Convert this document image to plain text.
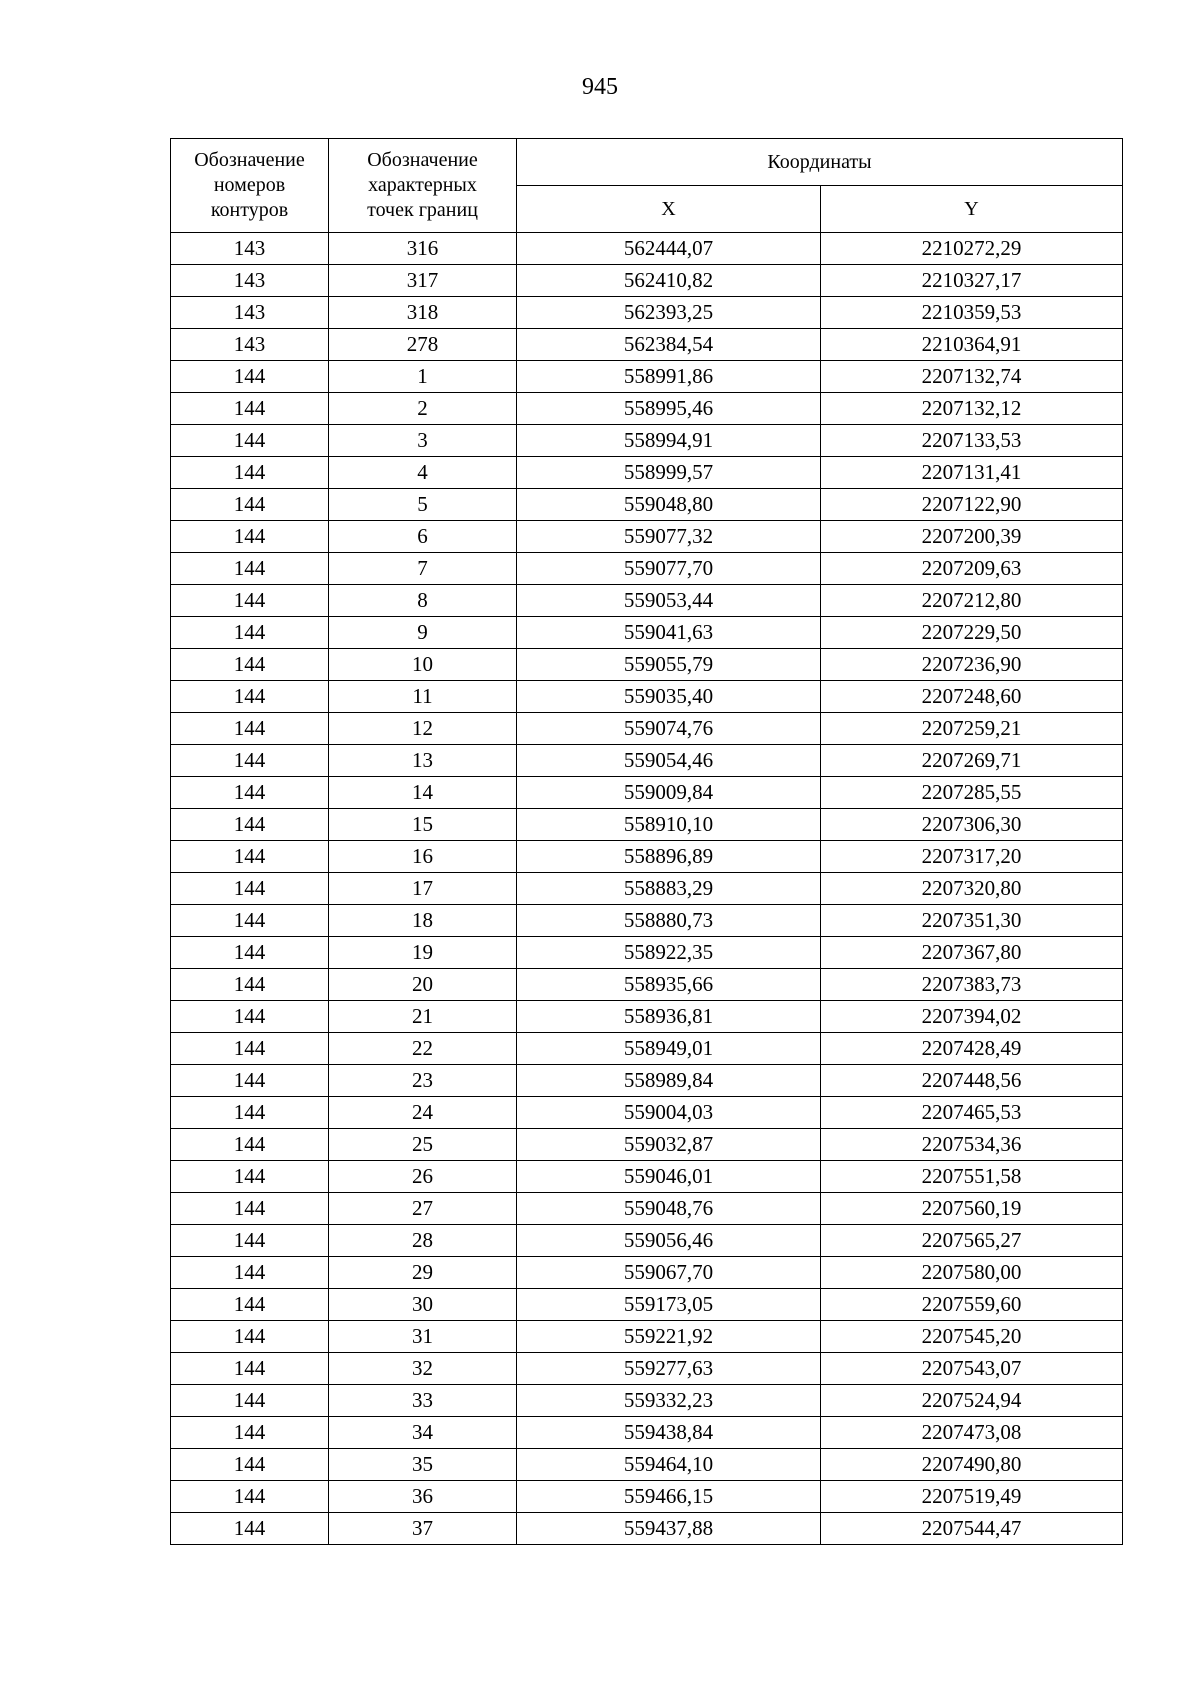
945
Обозначение
номеров
контуров	Обозначение
характерных
точек границ	Координаты	
		X	Y
143	316	562444,07	2210272,29
143	317	562410,82	2210327,17
143	318	562393,25	2210359,53
143	278	562384,54	2210364,91
144	1	558991,86	2207132,74
144	2	558995,46	2207132,12
144	3	558994,91	2207133,53
144	4	558999,57	2207131,41
144	5	559048,80	2207122,90
144	6	559077,32	2207200,39
144	7	559077,70	2207209,63
144	8	559053,44	2207212,80
144	9	559041,63	2207229,50
144	10	559055,79	2207236,90
144	11	559035,40	2207248,60
144	12	559074,76	2207259,21
144	13	559054,46	2207269,71
144	14	559009,84	2207285,55
144	15	558910,10	2207306,30
144	16	558896,89	2207317,20
144	17	558883,29	2207320,80
144	18	558880,73	2207351,30
144	19	558922,35	2207367,80
144	20	558935,66	2207383,73
144	21	558936,81	2207394,02
144	22	558949,01	2207428,49
144	23	558989,84	2207448,56
144	24	559004,03	2207465,53
144	25	559032,87	2207534,36
144	26	559046,01	2207551,58
144	27	559048,76	2207560,19
144	28	559056,46	2207565,27
144	29	559067,70	2207580,00
144	30	559173,05	2207559,60
144	31	559221,92	2207545,20
144	32	559277,63	2207543,07
144	33	559332,23	2207524,94
144	34	559438,84	2207473,08
144	35	559464,10	2207490,80
144	36	559466,15	2207519,49
144	37	559437,88	2207544,47
